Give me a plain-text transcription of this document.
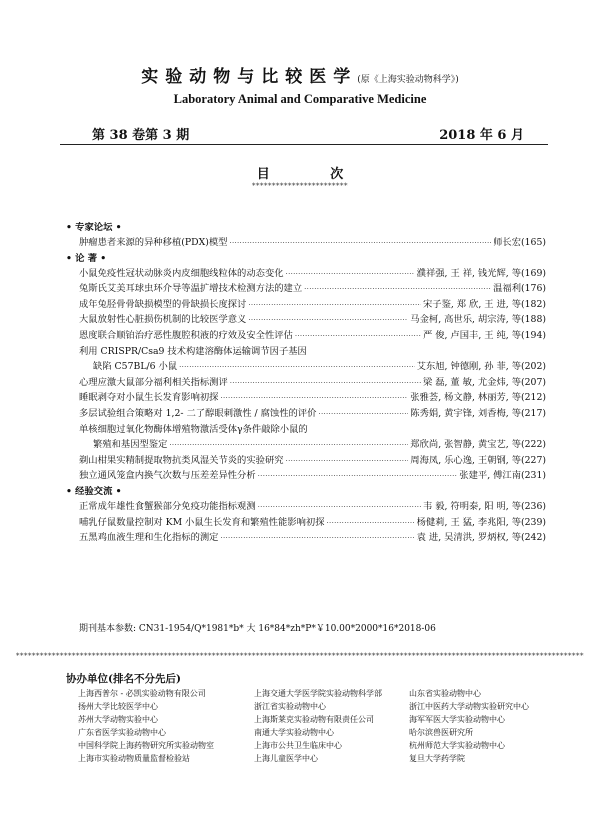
实验动物与比较医学(原《上海实验动物科学》)
Laboratory Animal and Comparative Medicine
第 38 卷第 3 期	2018 年 6 月
目 次
************************
• 专家论坛 •
肿瘤患者来源的异种移植(PDX)模型 ·····	师长宏(165)
• 论 著 •
小鼠免疫性冠状动脉炎内皮细胞线粒体的动态变化 ·····	濮祥强, 王 祥, 钱光辉, 等(169)
兔斯氏艾美耳球虫环介导等温扩增技术检测方法的建立 ·····	温福利(176)
成年兔胫骨骨缺损模型的骨缺损长度探讨 ·····	宋子鉴, 郑 欣, 王 进, 等(182)
大鼠放射性心脏损伤机制的比较医学意义 ·····	马金柯, 高世乐, 胡宗涛, 等(188)
恩度联合顺铂治疗恶性腹腔积液的疗效及安全性评估 ·····	严 俊, 卢国丰, 王 纯, 等(194)
利用 CRISPR/Csa9 技术构建溶酶体运输调节因子基因
缺陷 C57BL/6 小鼠 ·····	艾东旭, 钟德刚, 孙 菲, 等(202)
心理应激大鼠部分福利相关指标测评 ·····	梁 磊, 董 敏, 尤金炜, 等(207)
睡眠剥夺对小鼠生长发育影响初探 ·····	张雅荟, 杨文静, 林丽芳, 等(212)
多层试验组合策略对 1,2- 二了醇眼刺激性 / 腐蚀性的评价 ·····	陈秀娟, 黄宇锋, 刘香梅, 等(217)
单核细胞过氧化物酶体增殖物激活受体γ条件敲除小鼠的
繁殖和基因型鉴定 ·····	郑欣尚, 张智静, 黄宝艺, 等(222)
剃山柑果实精制提取物抗类风湿关节炎的实验研究 ·····	周海凤, 乐心逸, 王朝钢, 等(227)
独立通风笼盒内换气次数与压差差异性分析 ·····	张建平, 傅江南(231)
• 经验交流 •
正常成年雄性食蟹猴部分免疫功能指标观测 ·····	韦 毅, 符明泰, 阳 明, 等(236)
哺乳仔鼠数量控制对 KM 小鼠生长发育和繁殖性能影响初探 ·····	杨健莉, 王 猛, 李兆阳, 等(239)
五黑鸡血液生理和生化指标的测定 ·····	袁 进, 吴清洪, 罗炳权, 等(242)
期刊基本参数: CN31-1954/Q*1981*b* 大 16*84*zh*P*￥10.00*2000*16*2018-06
**********************************************************************************************************************************************
协办单位(排名不分先后)
上海西普尔 - 必凯实验动物有限公司	上海交通大学医学院实验动物科学部	山东省实验动物中心
扬州大学比较医学中心	浙江省实验动物中心	浙江中医药大学动物实验研究中心
苏州大学动物实验中心	上海斯莱克实验动物有限责任公司	海军军医大学实验动物中心
广东省医学实验动物中心	南通大学实验动物中心	哈尔滨兽医研究所
中国科学院上海药物研究所实验动物室	上海市公共卫生临床中心	杭州师范大学实验动物中心
上海市实验动物质量监督检验站	上海儿童医学中心	复旦大学药学院
